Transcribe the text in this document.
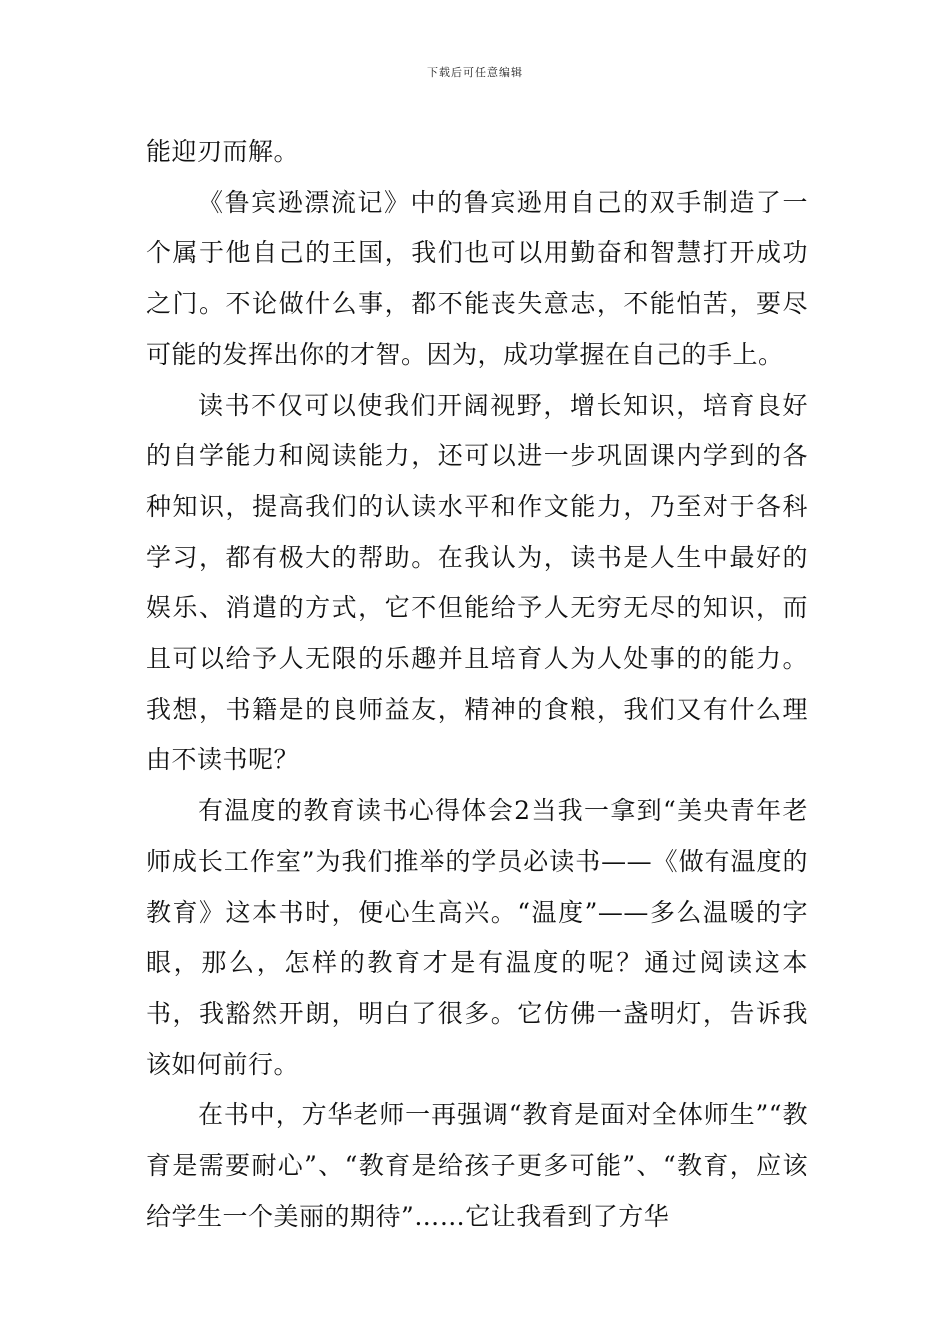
下载后可任意编辑

能迎刃而解。

《鲁宾逊漂流记》中的鲁宾逊用自己的双手制造了一个属于他自己的王国，我们也可以用勤奋和智慧打开成功之门。不论做什么事，都不能丧失意志，不能怕苦，要尽可能的发挥出你的才智。因为，成功掌握在自己的手上。

读书不仅可以使我们开阔视野，增长知识，培育良好的自学能力和阅读能力，还可以进一步巩固课内学到的各种知识，提高我们的认读水平和作文能力，乃至对于各科学习，都有极大的帮助。在我认为，读书是人生中最好的娱乐、消遣的方式，它不但能给予人无穷无尽的知识，而且可以给予人无限的乐趣并且培育人为人处事的的能力。我想，书籍是的良师益友，精神的食粮，我们又有什么理由不读书呢？

有温度的教育读书心得体会2当我一拿到“美央青年老师成长工作室”为我们推举的学员必读书——《做有温度的教育》这本书时，便心生高兴。“温度”——多么温暖的字眼，那么，怎样的教育才是有温度的呢？通过阅读这本书，我豁然开朗，明白了很多。它仿佛一盏明灯，告诉我该如何前行。

在书中，方华老师一再强调“教育是面对全体师生”“教育是需要耐心”、“教育是给孩子更多可能”、“教育，应该给学生一个美丽的期待”……它让我看到了方华
